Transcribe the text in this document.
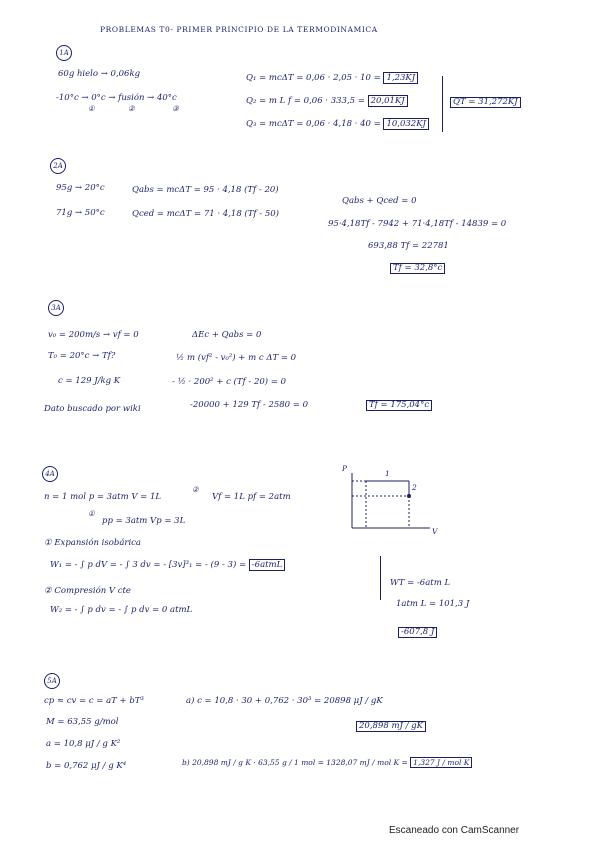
PROBLEMAS T0- PRIMER PRINCIPIO DE LA TERMODINAMICA
1A
60g hielo → 0,06kg
-10°c → 0°c → fusión → 40°c
①	②	③
Q₁ = mcΔT = 0,06 · 2,05 · 10 = 1,23KJ
Q₂ = m L f = 0,06 · 333,5 = 20,01KJ
Q₃ = mcΔT = 0,06 · 4,18 · 40 = 10,032KJ
QT = 31,272KJ
2A
95g → 20°c
71g → 50°c
Qabs = mcΔT = 95 · 4,18 (Tf - 20)
Qced = mcΔT = 71 · 4,18 (Tf - 50)
Qabs + Qced = 0
95·4,18Tf - 7942 + 71·4,18Tf - 14839 = 0
693,88 Tf = 22781
Tf = 32,8°c
3A
v₀ = 200m/s → vf = 0
T₀ = 20°c → Tf?
c = 129 J/kg K
Dato buscado por wiki
ΔEc + Qabs = 0
½ m (vf² - v₀²) + m c ΔT = 0
- ½ · 200² + c (Tf - 20) = 0
-20000 + 129 Tf - 2580 = 0	Tf = 175,04°c
4A
n = 1 mol p = 3atm V = 1L
pp = 3atm Vp = 3L
Vf = 1L pf = 2atm
①
②
P
V
1
2
① Expansión isobárica
W₁ = - ∫ p dV = - ∫ 3 dv = - [3v]³₁ = - (9 - 3) = -6atmL
② Compresión V cte
W₂ = - ∫ p dv = - ∫ p dv = 0 atmL
WT = -6atm L
1atm L = 101,3 J
-607,8 J
5A
cp ≈ cv = c = aT + bT³
M = 63,55 g/mol
a = 10,8 μJ / g K²
b = 0,762 μJ / g K⁴
a) c = 10,8 · 30 + 0,762 · 30³ = 20898 μJ / gK
20,898 mJ / gK
b) 20,898 mJ / g K · 63,55 g / 1 mol = 1328,07 mJ / mol K = 1,327 J / mol K
Escaneado con CamScanner
